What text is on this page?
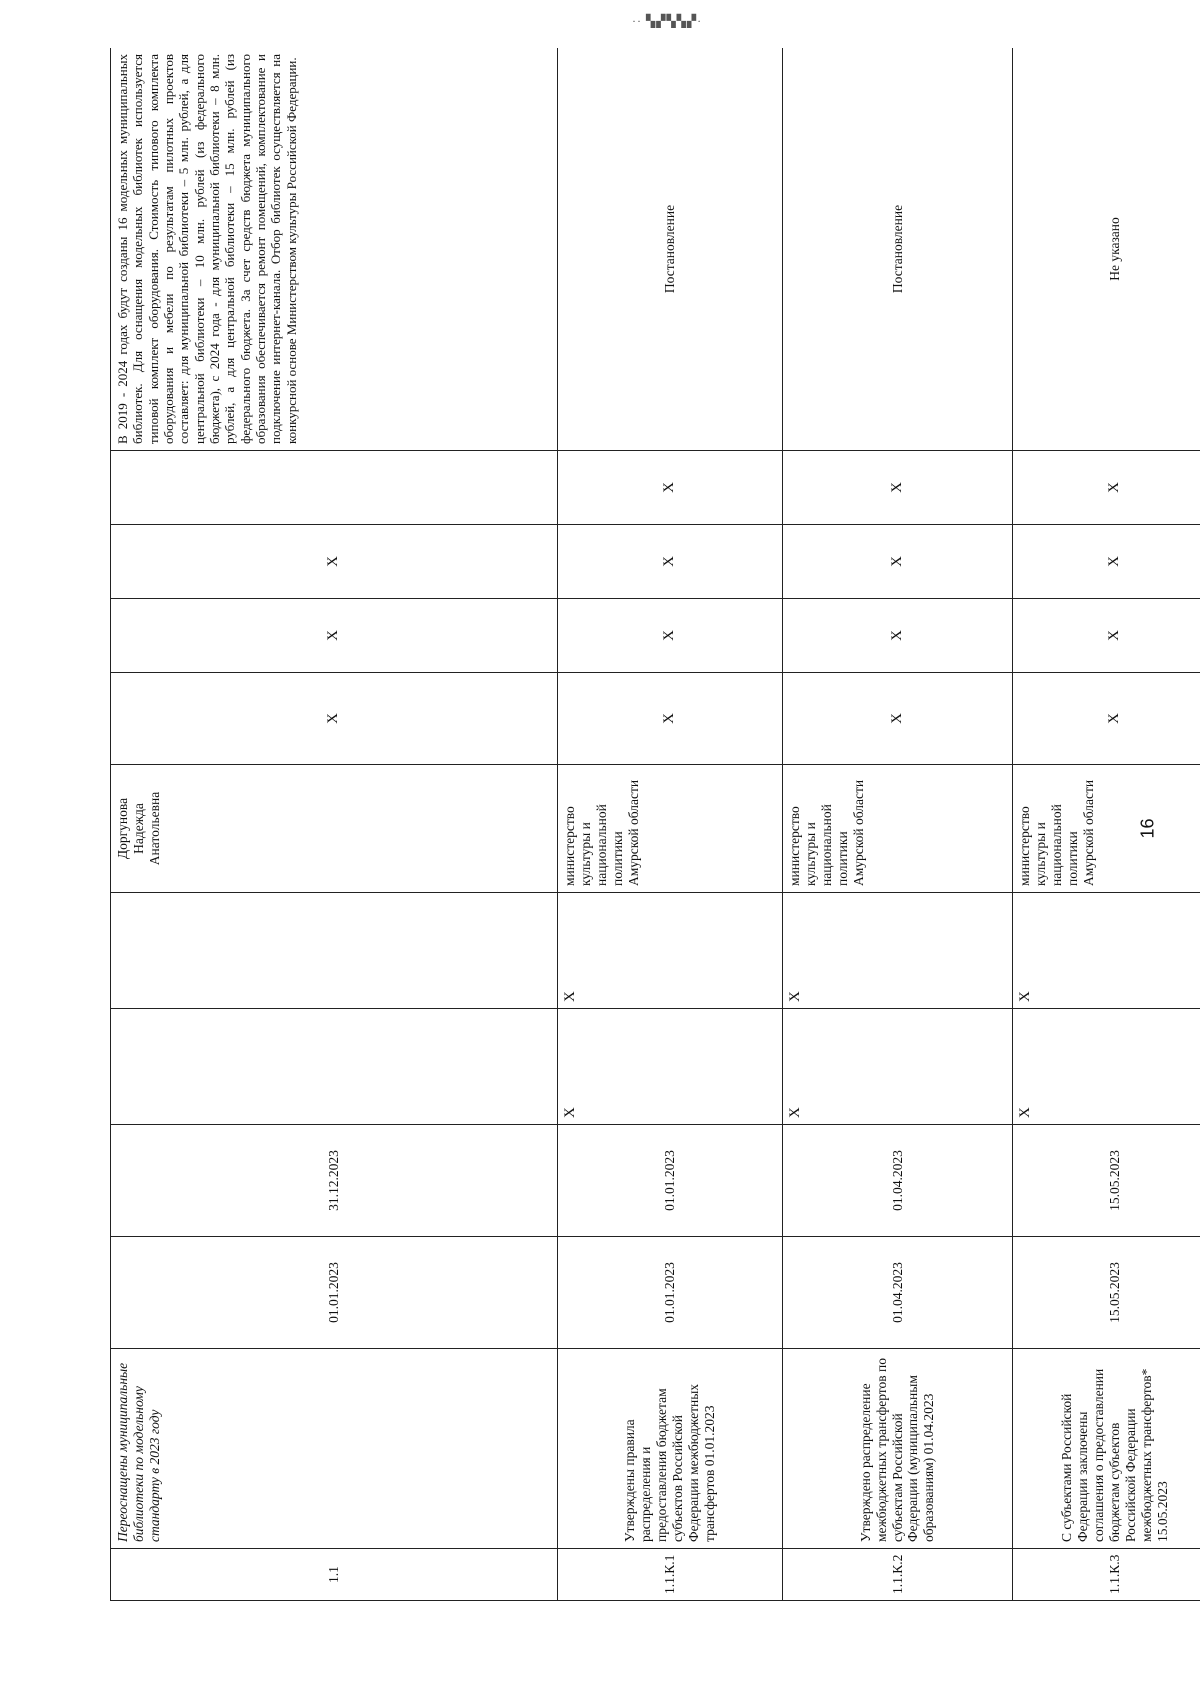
·· ▚▞▚▚▞·
1.1	Переоснащены муниципальные библиотеки по модельному стандарту в 2023 году	01.01.2023	31.12.2023			Доргунова Надежда Анатольевна	X	X	X		В 2019 - 2024 годах будут созданы 16 модельных муниципальных библиотек. Для оснащения модельных библиотек используется типовой комплект оборудования. Стоимость типового комплекта оборудования и мебели по результатам пилотных проектов составляет: для муниципальной библиотеки – 5 млн. рублей, а для центральной библиотеки – 10 млн. рублей (из федерального бюджета), с 2024 года - для муниципальной библиотеки – 8 млн. рублей, а для центральной библиотеки – 15 млн. рублей (из федерального бюджета. За счет средств бюджета муниципального образования обеспечивается ремонт помещений, комплектование и подключение интернет-канала. Отбор библиотек осуществляется на конкурсной основе Министерством культуры Российской Федерации.
1.1.К.1	Утверждены правила распределения и предоставления бюджетам субъектов Российской Федерации межбюджетных трансфертов 01.01.2023	01.01.2023	01.01.2023	X	X	министерство культуры и национальной политики Амурской области	X	X	X	X	Постановление
1.1.К.2	Утверждено распределение межбюджетных трансфертов по субъектам Российской Федерации (муниципальным образованиям) 01.04.2023	01.04.2023	01.04.2023	X	X	министерство культуры и национальной политики Амурской области	X	X	X	X	Постановление
1.1.К.3	С субъектами Российской Федерации заключены соглашения о предоставлении бюджетам субъектов Российской Федерации межбюджетных трансфертов* 15.05.2023	15.05.2023	15.05.2023	X	X	министерство культуры и национальной политики Амурской области	X	X	X	X	Не указано
16
